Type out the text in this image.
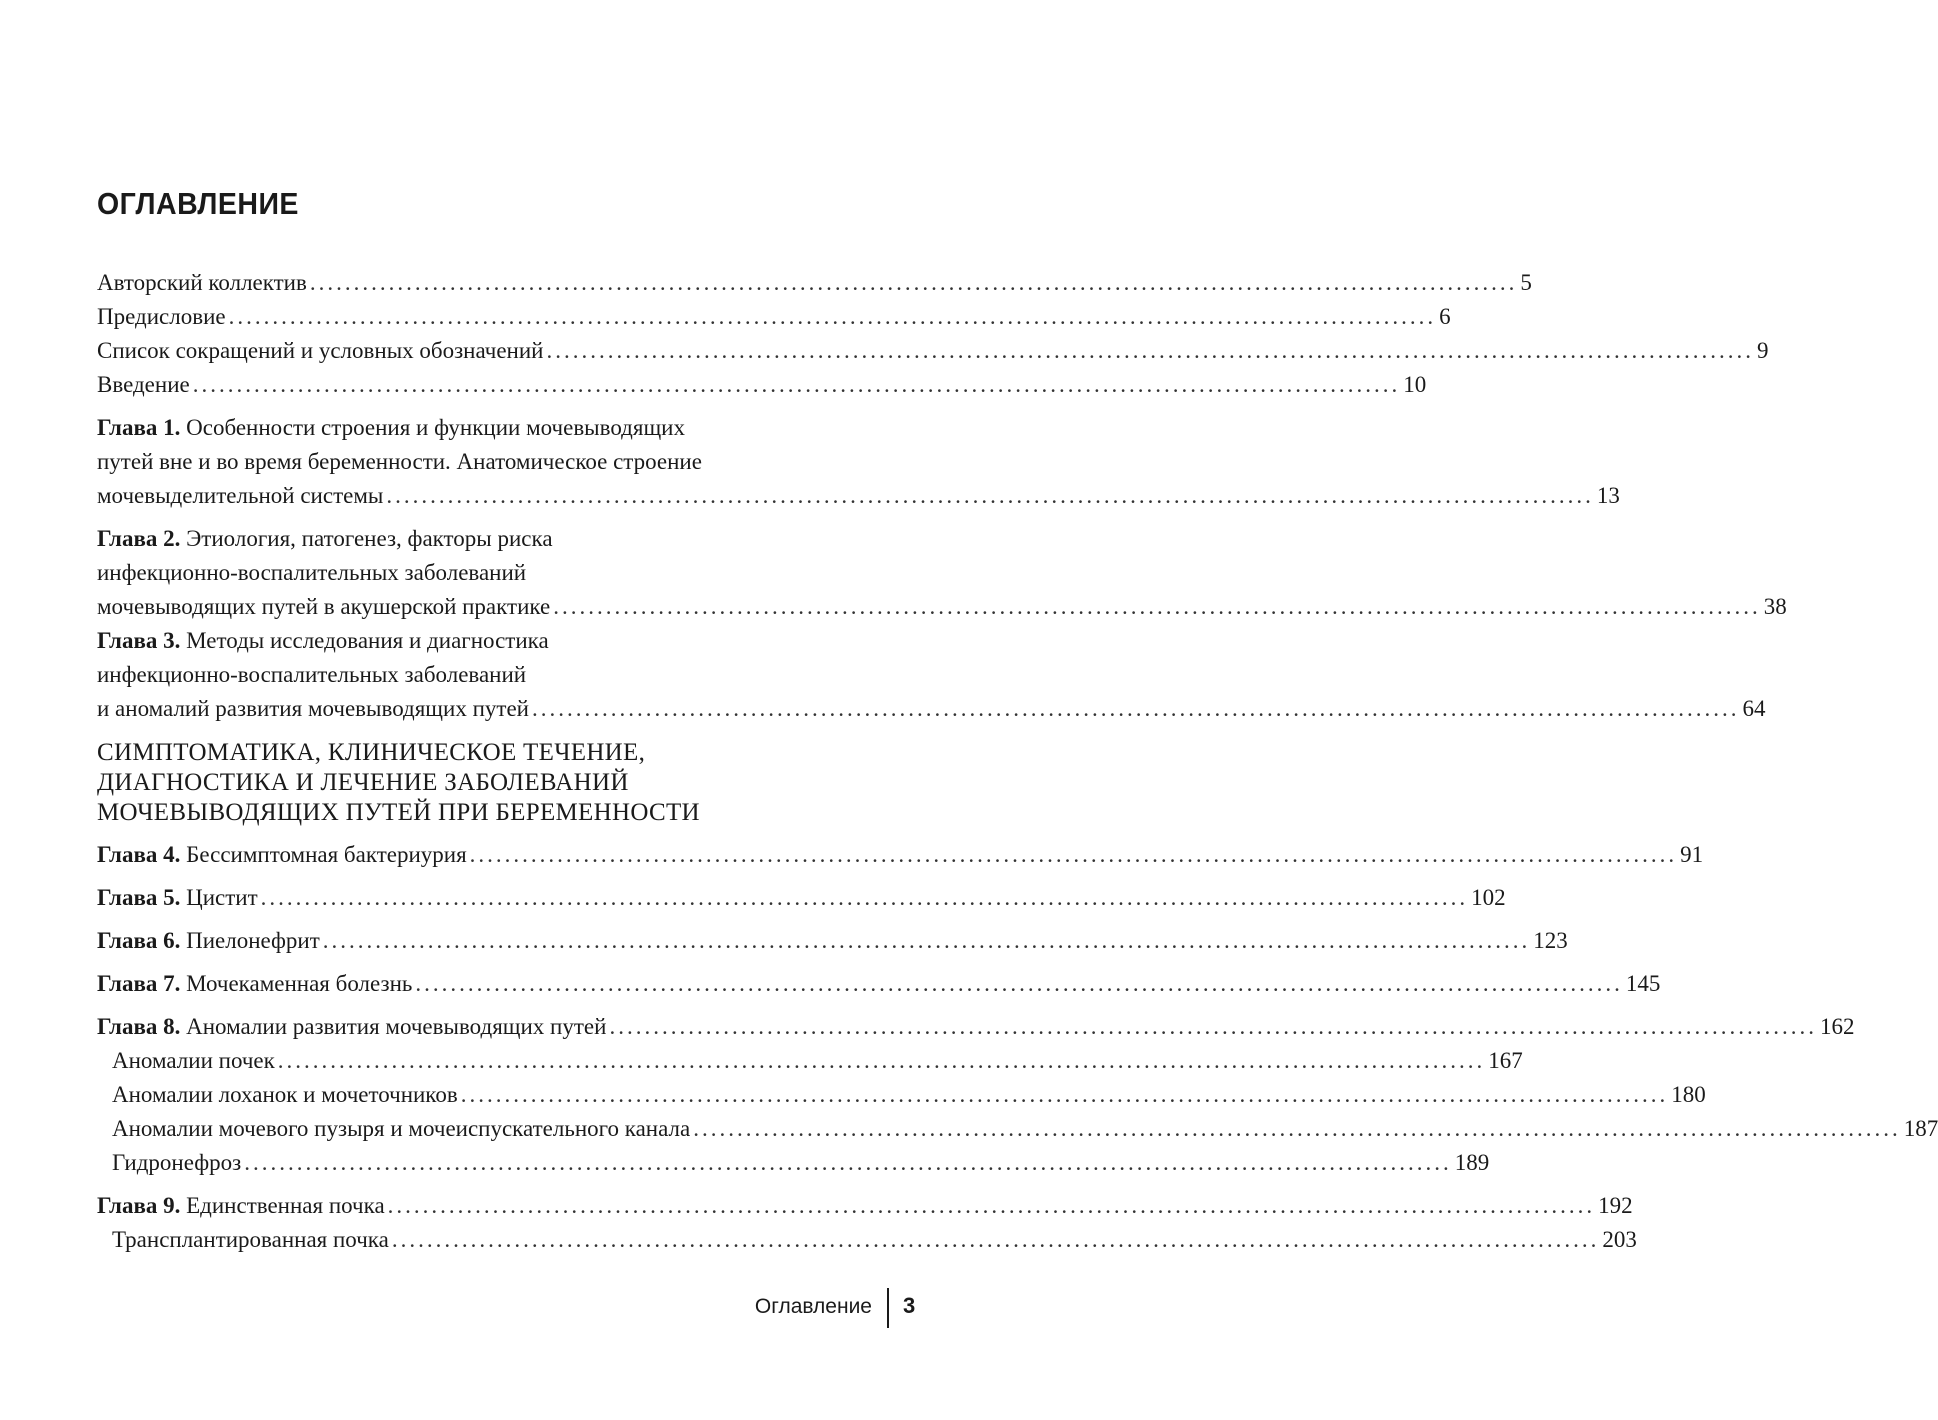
ОГЛАВЛЕНИЕ
Авторский коллектив .......................................................................................................................................... 5
Предисловие .......................................................................................................................................... 6
Список сокращений и условных обозначений .......................................................................................................................................... 9
Введение .......................................................................................................................................... 10
Глава 1. Особенности строения и функции мочевыводящих
путей вне и во время беременности. Анатомическое строение
мочевыделительной системы .......................................................................................................................................... 13
Глава 2. Этиология, патогенез, факторы риска
инфекционно-воспалительных заболеваний
мочевыводящих путей в акушерской практике .......................................................................................................................................... 38
Глава 3. Методы исследования и диагностика
инфекционно-воспалительных заболеваний
и аномалий развития мочевыводящих путей .......................................................................................................................................... 64
СИМПТОМАТИКА, КЛИНИЧЕСКОЕ ТЕЧЕНИЕ,
ДИАГНОСТИКА И ЛЕЧЕНИЕ ЗАБОЛЕВАНИЙ
МОЧЕВЫВОДЯЩИХ ПУТЕЙ ПРИ БЕРЕМЕННОСТИ
Глава 4. Бессимптомная бактериурия .......................................................................................................................................... 91
Глава 5. Цистит .......................................................................................................................................... 102
Глава 6. Пиелонефрит .......................................................................................................................................... 123
Глава 7. Мочекаменная болезнь .......................................................................................................................................... 145
Глава 8. Аномалии развития мочевыводящих путей .......................................................................................................................................... 162
Аномалии почек .......................................................................................................................................... 167
Аномалии лоханок и мочеточников .......................................................................................................................................... 180
Аномалии мочевого пузыря и мочеиспускательного канала .......................................................................................................................................... 187
Гидронефроз .......................................................................................................................................... 189
Глава 9. Единственная почка .......................................................................................................................................... 192
Трансплантированная почка .......................................................................................................................................... 203
Оглавление 3
